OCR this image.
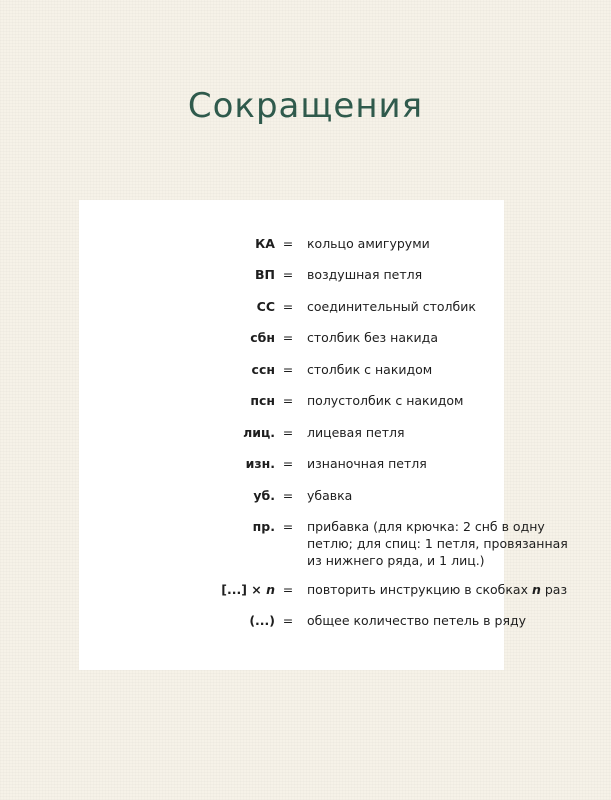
Сокращения
КА = кольцо амигуруми
ВП = воздушная петля
СС = соединительный столбик
сбн = столбик без накида
ссн = столбик с накидом
псн = полустолбик с накидом
лиц. = лицевая петля
изн. = изнаночная петля
уб. = убавка
пр. = прибавка (для крючка: 2 снб в одну
петлю; для спиц: 1 петля, провязанная
из нижнего ряда, и 1 лиц.)
[...] × n = повторить инструкцию в скобках n раз
(...) = общее количество петель в ряду
